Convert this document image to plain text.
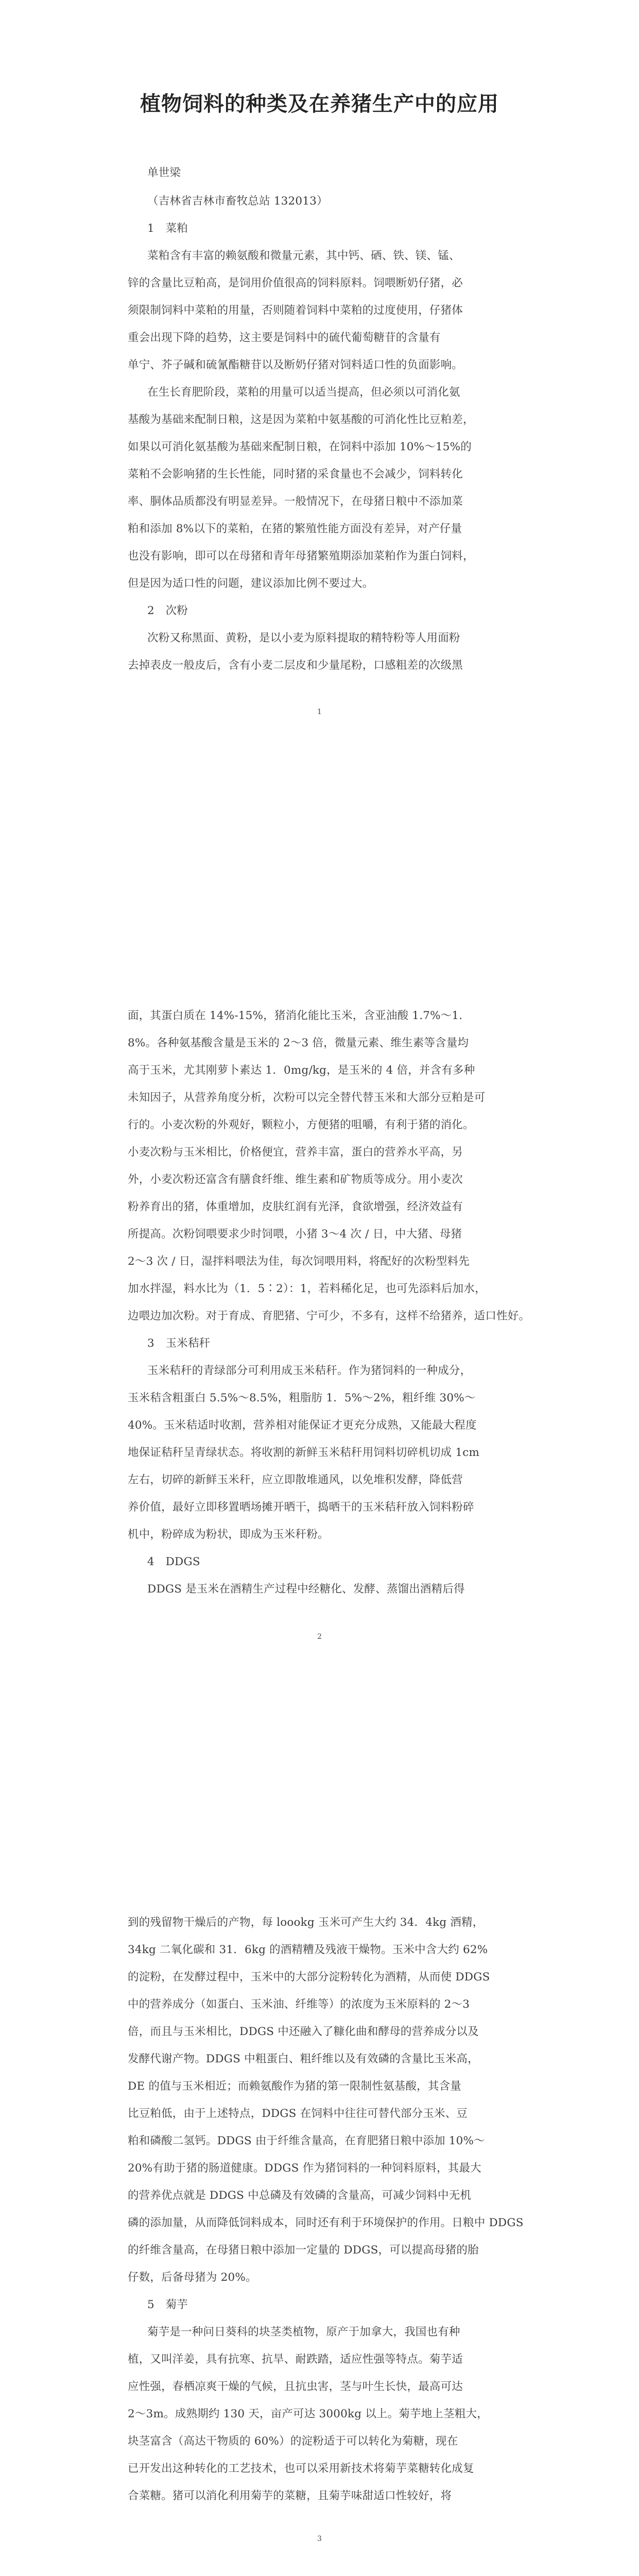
植物饲料的种类及在养猪生产中的应用
单世梁
（吉林省吉林市畜牧总站 132013）
1　菜粕
菜粕含有丰富的赖氨酸和微量元素，其中钙、硒、铁、镁、锰、
锌的含量比豆粕高，是饲用价值很高的饲料原料。饲喂断奶仔猪，必
须限制饲料中菜粕的用量，否则随着饲料中菜粕的过度使用，仔猪体
重会出现下降的趋势，这主要是饲料中的硫代葡萄糖苷的含量有
单宁、芥子碱和硫氰酯糖苷以及断奶仔猪对饲料适口性的负面影响。
在生长育肥阶段，菜粕的用量可以适当提高，但必须以可消化氨
基酸为基础来配制日粮，这是因为菜粕中氨基酸的可消化性比豆粕差，
如果以可消化氨基酸为基础来配制日粮，在饲料中添加 10%～15%的
菜粕不会影响猪的生长性能，同时猪的采食量也不会减少，饲料转化
率、胴体品质都没有明显差异。一般情况下，在母猪日粮中不添加菜
粕和添加 8%以下的菜粕，在猪的繁殖性能方面没有差异，对产仔量
也没有影响，即可以在母猪和青年母猪繁殖期添加菜粕作为蛋白饲料，
但是因为适口性的问题，建议添加比例不要过大。
2　次粉
次粉又称黑面、黄粉，是以小麦为原料提取的精特粉等人用面粉
去掉表皮一般皮后，含有小麦二层皮和少量尾粉，口感粗差的次级黑
1
面，其蛋白质在 14%-15%，猪消化能比玉米，含亚油酸 1.7%～1.
8%。各种氨基酸含量是玉米的 2～3 倍，微量元素、维生素等含量均
高于玉米，尤其刚萝卜素达 1．0mg/kg，是玉米的 4 倍，并含有多种
未知因子，从营养角度分析，次粉可以完全替代替玉米和大部分豆粕是可
行的。小麦次粉的外观好，颗粒小，方便猪的咀嚼，有利于猪的消化。
小麦次粉与玉米相比，价格便宜，营养丰富，蛋白的营养水平高，另
外，小麦次粉还富含有膳食纤维、维生素和矿物质等成分。用小麦次
粉养育出的猪，体重增加，皮肤红润有光泽，食欲增强，经济效益有
所提高。次粉饲喂要求少时饲喂，小猪 3～4 次 / 日，中大猪、母猪
2～3 次 / 日，湿拌料喂法为佳，每次饲喂用料，将配好的次粉型料先
加水拌湿，料水比为（1．5∶2）：1，若料稀化足，也可先添料后加水，
边喂边加次粉。对于育成、育肥猪、宁可少，不多有，这样不给猪养，适口性好。
3　玉米秸秆
玉米秸秆的青绿部分可利用成玉米秸秆。作为猪饲料的一种成分，
玉米秸含粗蛋白 5.5%～8.5%，粗脂肪 1．5%～2%，粗纤维 30%～
40%。玉米秸适时收割，营养相对能保证才更充分成熟，又能最大程度
地保证秸秆呈青绿状态。将收割的新鲜玉米秸秆用饲料切碎机切成 1cm
左右，切碎的新鲜玉米秆，应立即散堆通风，以免堆积发酵，降低营
养价值，最好立即移置晒场摊开晒干，捣晒干的玉米秸秆放入饲料粉碎
机中，粉碎成为粉状，即成为玉米秆粉。
4　DDGS
DDGS 是玉米在酒精生产过程中经糖化、发酵、蒸馏出酒精后得
2
到的残留物干燥后的产物，每 loookg 玉米可产生大约 34．4kg 酒精，
34kg 二氧化碳和 31．6kg 的酒精糟及残液干燥物。玉米中含大约 62%
的淀粉，在发酵过程中，玉米中的大部分淀粉转化为酒精，从而使 DDGS
中的营养成分（如蛋白、玉米油、纤维等）的浓度为玉米原料的 2～3
倍，而且与玉米相比，DDGS 中还融入了糠化曲和酵母的营养成分以及
发酵代谢产物。DDGS 中粗蛋白、粗纤维以及有效磷的含量比玉米高，
DE 的值与玉米相近；而赖氨酸作为猪的第一限制性氨基酸，其含量
比豆粕低，由于上述特点，DDGS 在饲料中往往可替代部分玉米、豆
粕和磷酸二氢钙。DDGS 由于纤维含量高，在育肥猪日粮中添加 10%～
20%有助于猪的肠道健康。DDGS 作为猪饲料的一种饲料原料，其最大
的营养优点就是 DDGS 中总磷及有效磷的含量高，可减少饲料中无机
磷的添加量，从而降低饲料成本，同时还有利于环境保护的作用。日粮中 DDGS
的纤维含量高，在母猪日粮中添加一定量的 DDGS，可以提高母猪的胎
仔数，后备母猪为 20%。
5　菊芋
菊芋是一种问日葵科的块茎类植物，原产于加拿大，我国也有种
植，又叫洋姜，具有抗寒、抗旱、耐跌踏，适应性强等特点。菊芋适
应性强，春栖凉爽干燥的气候，且抗虫害，茎与叶生长快，最高可达
2～3m。成熟期约 130 天，亩产可达 3000kg 以上。菊芋地上茎粗大，
块茎富含（高达干物质的 60%）的淀粉适于可以转化为菊糖，现在
已开发出这种转化的工艺技术，也可以采用新技术将菊芋菜糖转化成复
合菜糖。猪可以消化利用菊芋的菜糖，且菊芋味甜适口性较好，将
3
